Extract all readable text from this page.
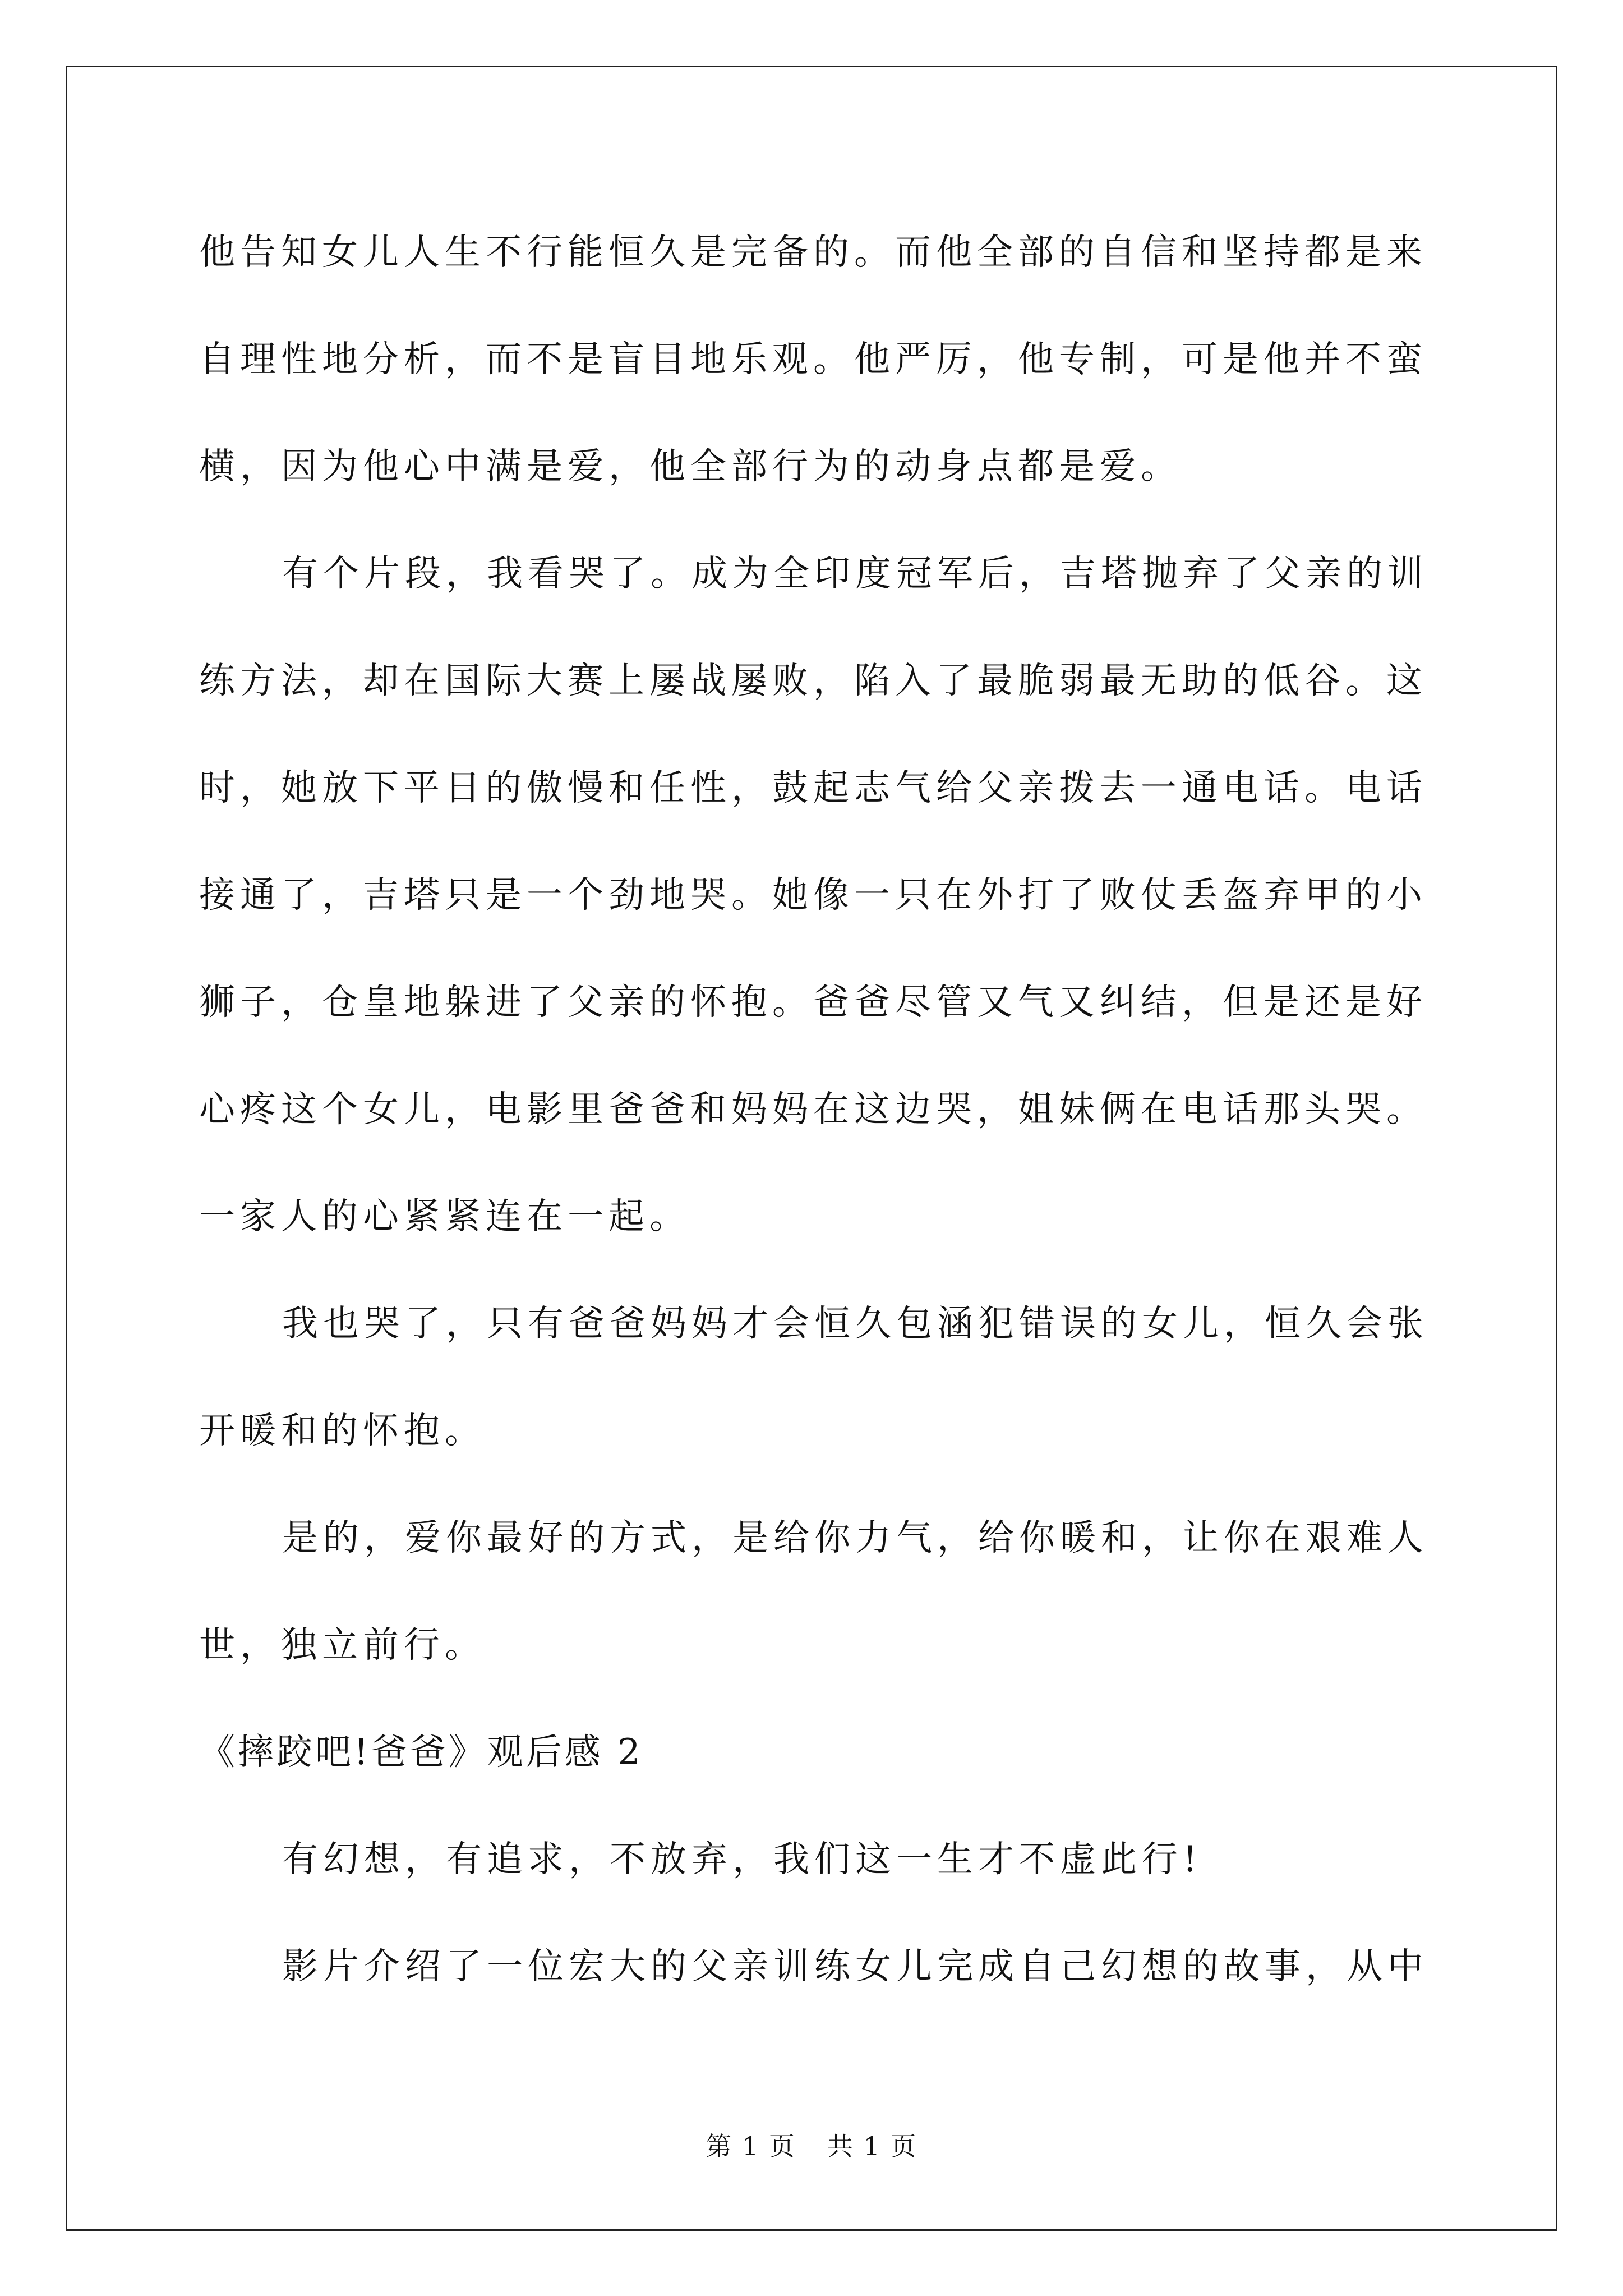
他告知女儿人生不行能恒久是完备的。而他全部的自信和坚持都是来
自理性地分析，而不是盲目地乐观。他严厉，他专制，可是他并不蛮
横，因为他心中满是爱，他全部行为的动身点都是爱。
有个片段，我看哭了。成为全印度冠军后，吉塔抛弃了父亲的训
练方法，却在国际大赛上屡战屡败，陷入了最脆弱最无助的低谷。这
时，她放下平日的傲慢和任性，鼓起志气给父亲拨去一通电话。电话
接通了，吉塔只是一个劲地哭。她像一只在外打了败仗丢盔弃甲的小
狮子，仓皇地躲进了父亲的怀抱。爸爸尽管又气又纠结，但是还是好
心疼这个女儿，电影里爸爸和妈妈在这边哭，姐妹俩在电话那头哭。
一家人的心紧紧连在一起。
我也哭了，只有爸爸妈妈才会恒久包涵犯错误的女儿，恒久会张
开暖和的怀抱。
是的，爱你最好的方式，是给你力气，给你暖和，让你在艰难人
世，独立前行。
《摔跤吧!爸爸》观后感 2
有幻想，有追求，不放弃，我们这一生才不虚此行!
影片介绍了一位宏大的父亲训练女儿完成自己幻想的故事，从中
第 1 页 共 1 页
